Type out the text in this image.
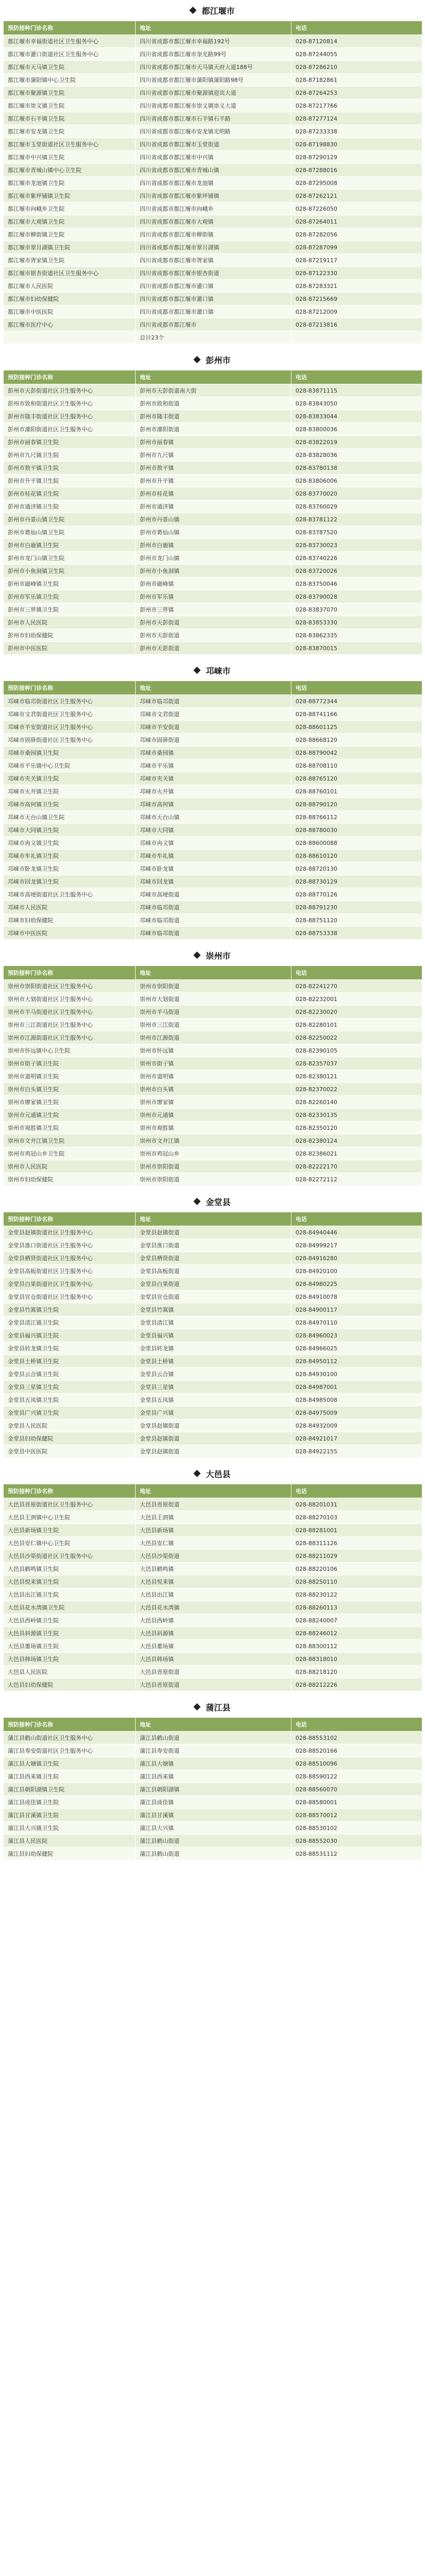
都江堰市
预防接种门诊名称	地址	电话
都江堰市幸福街道社区卫生服务中心	四川省成都市都江堰市幸福路192号	028-87120814
都江堰市灌口街道社区卫生服务中心	四川省成都市都江堰市奎光路99号	028-87244055
都江堰市天马镇卫生院	四川省成都市都江堰市天马镇天府大道188号	028-87286210
都江堰市蒲阳镇中心卫生院	四川省成都市都江堰市蒲阳镇蒲阳路98号	028-87182861
都江堰市聚源镇卫生院	四川省成都市都江堰市聚源镇迎宾大道	028-87264253
都江堰市崇义镇卫生院	四川省成都市都江堰市崇义镇崇义大道	028-87217766
都江堰市石羊镇卫生院	四川省成都市都江堰市石羊镇石羊路	028-87277124
都江堰市安龙镇卫生院	四川省成都市都江堰市安龙镇光明路	028-87233338
都江堰市玉堂街道社区卫生服务中心	四川省成都市都江堰市玉堂街道	028-87198830
都江堰市中兴镇卫生院	四川省成都市都江堰市中兴镇	028-87290129
都江堰市青城山镇中心卫生院	四川省成都市都江堰市青城山镇	028-87288016
都江堰市龙池镇卫生院	四川省成都市都江堰市龙池镇	028-87295008
都江堰市紫坪铺镇卫生院	四川省成都市都江堰市紫坪铺镇	028-87262121
都江堰市向峨乡卫生院	四川省成都市都江堰市向峨乡	028-87226050
都江堰市大观镇卫生院	四川省成都市都江堰市大观镇	028-87264011
都江堰市柳街镇卫生院	四川省成都市都江堰市柳街镇	028-87282056
都江堰市翠月湖镇卫生院	四川省成都市都江堰市翠月湖镇	028-87287099
都江堰市胥家镇卫生院	四川省成都市都江堰市胥家镇	028-87219117
都江堰市银杏街道社区卫生服务中心	四川省成都市都江堰市银杏街道	028-87122330
都江堰市人民医院	四川省成都市都江堰市灌口镇	028-87283321
都江堰市妇幼保健院	四川省成都市都江堰市灌口镇	028-87215669
都江堰市中医医院	四川省成都市都江堰市灌口镇	028-87212009
都江堰市医疗中心	四川省成都市都江堰市	028-87213816
	总计23个	
彭州市
预防接种门诊名称	地址	电话
彭州市天彭街道社区卫生服务中心	彭州市天彭街道南大街	028-83871115
彭州市致和街道社区卫生服务中心	彭州市致和街道	028-83843050
彭州市隆丰街道社区卫生服务中心	彭州市隆丰街道	028-83833044
彭州市濛阳街道社区卫生服务中心	彭州市濛阳街道	028-83800036
彭州市丽春镇卫生院	彭州市丽春镇	028-83822019
彭州市九尺镇卫生院	彭州市九尺镇	028-83828036
彭州市敖平镇卫生院	彭州市敖平镇	028-83780138
彭州市升平镇卫生院	彭州市升平镇	028-83806006
彭州市桂花镇卫生院	彭州市桂花镇	028-83770020
彭州市通济镇卫生院	彭州市通济镇	028-83760029
彭州市丹景山镇卫生院	彭州市丹景山镇	028-83781122
彭州市葛仙山镇卫生院	彭州市葛仙山镇	028-83787520
彭州市白鹿镇卫生院	彭州市白鹿镇	028-83730023
彭州市龙门山镇卫生院	彭州市龙门山镇	028-83740226
彭州市小鱼洞镇卫生院	彭州市小鱼洞镇	028-83720026
彭州市磁峰镇卫生院	彭州市磁峰镇	028-83750046
彭州市军乐镇卫生院	彭州市军乐镇	028-83790028
彭州市三界镇卫生院	彭州市三界镇	028-83837070
彭州市人民医院	彭州市天彭街道	028-83853330
彭州市妇幼保健院	彭州市天彭街道	028-83862335
彭州市中医医院	彭州市天彭街道	028-83870015
邛崃市
预防接种门诊名称	地址	电话
邛崃市临邛街道社区卫生服务中心	邛崃市临邛街道	028-88772344
邛崃市文君街道社区卫生服务中心	邛崃市文君街道	028-88741166
邛崃市羊安街道社区卫生服务中心	邛崃市羊安街道	028-88601125
邛崃市固驿街道社区卫生服务中心	邛崃市固驿街道	028-88668120
邛崃市桑园镇卫生院	邛崃市桑园镇	028-88790042
邛崃市平乐镇中心卫生院	邛崃市平乐镇	028-88708110
邛崃市夹关镇卫生院	邛崃市夹关镇	028-88765120
邛崃市火井镇卫生院	邛崃市火井镇	028-88760101
邛崃市高何镇卫生院	邛崃市高何镇	028-88790120
邛崃市天台山镇卫生院	邛崃市天台山镇	028-88766112
邛崃市大同镇卫生院	邛崃市大同镇	028-88780030
邛崃市冉义镇卫生院	邛崃市冉义镇	028-88600088
邛崃市牟礼镇卫生院	邛崃市牟礼镇	028-88610120
邛崃市卧龙镇卫生院	邛崃市卧龙镇	028-88720130
邛崃市回龙镇卫生院	邛崃市回龙镇	028-88730129
邛崃市高埂街道社区卫生服务中心	邛崃市高埂街道	028-88770126
邛崃市人民医院	邛崃市临邛街道	028-88791230
邛崃市妇幼保健院	邛崃市临邛街道	028-88751120
邛崃市中医医院	邛崃市临邛街道	028-88753338
崇州市
预防接种门诊名称	地址	电话
崇州市崇阳街道社区卫生服务中心	崇州市崇阳街道	028-82241270
崇州市大划街道社区卫生服务中心	崇州市大划街道	028-82232001
崇州市羊马街道社区卫生服务中心	崇州市羊马街道	028-82230020
崇州市三江街道社区卫生服务中心	崇州市三江街道	028-82280101
崇州市江源街道社区卫生服务中心	崇州市江源街道	028-82250022
崇州市怀远镇中心卫生院	崇州市怀远镇	028-82390105
崇州市街子镇卫生院	崇州市街子镇	028-82357037
崇州市道明镇卫生院	崇州市道明镇	028-82380121
崇州市白头镇卫生院	崇州市白头镇	028-82370022
崇州市廖家镇卫生院	崇州市廖家镇	028-82260140
崇州市元通镇卫生院	崇州市元通镇	028-82330135
崇州市观胜镇卫生院	崇州市观胜镇	028-82350120
崇州市文井江镇卫生院	崇州市文井江镇	028-82380124
崇州市鸡冠山乡卫生院	崇州市鸡冠山乡	028-82386021
崇州市人民医院	崇州市崇阳街道	028-82222170
崇州市妇幼保健院	崇州市崇阳街道	028-82272112
金堂县
预防接种门诊名称	地址	电话
金堂县赵镇街道社区卫生服务中心	金堂县赵镇街道	028-84940446
金堂县淮口街道社区卫生服务中心	金堂县淮口街道	028-84999217
金堂县栖贤街道社区卫生服务中心	金堂县栖贤街道	028-84916280
金堂县高板街道社区卫生服务中心	金堂县高板街道	028-84920100
金堂县白果街道社区卫生服务中心	金堂县白果街道	028-84980225
金堂县官仓街道社区卫生服务中心	金堂县官仓街道	028-84910078
金堂县竹篙镇卫生院	金堂县竹篙镇	028-84900117
金堂县清江镇卫生院	金堂县清江镇	028-84970110
金堂县福兴镇卫生院	金堂县福兴镇	028-84960023
金堂县转龙镇卫生院	金堂县转龙镇	028-84966025
金堂县土桥镇卫生院	金堂县土桥镇	028-84950112
金堂县云合镇卫生院	金堂县云合镇	028-84930100
金堂县三星镇卫生院	金堂县三星镇	028-84987001
金堂县五凤镇卫生院	金堂县五凤镇	028-84985008
金堂县广兴镇卫生院	金堂县广兴镇	028-84975009
金堂县人民医院	金堂县赵镇街道	028-84932009
金堂县妇幼保健院	金堂县赵镇街道	028-84921017
金堂县中医医院	金堂县赵镇街道	028-84922155
大邑县
预防接种门诊名称	地址	电话
大邑县晋原街道社区卫生服务中心	大邑县晋原街道	028-88201031
大邑县王泗镇中心卫生院	大邑县王泗镇	028-88270103
大邑县新场镇卫生院	大邑县新场镇	028-88281001
大邑县安仁镇中心卫生院	大邑县安仁镇	028-88311126
大邑县沙渠街道社区卫生服务中心	大邑县沙渠街道	028-88211029
大邑县鹤鸣镇卫生院	大邑县鹤鸣镇	028-88220106
大邑县悦来镇卫生院	大邑县悦来镇	028-88250110
大邑县出江镇卫生院	大邑县出江镇	028-88230122
大邑县花水湾镇卫生院	大邑县花水湾镇	028-88260113
大邑县西岭镇卫生院	大邑县西岭镇	028-88240007
大邑县斜源镇卫生院	大邑县斜源镇	028-88246012
大邑县董场镇卫生院	大邑县董场镇	028-88300112
大邑县韩场镇卫生院	大邑县韩场镇	028-88318010
大邑县人民医院	大邑县晋原街道	028-88218120
大邑县妇幼保健院	大邑县晋原街道	028-88212226
蒲江县
预防接种门诊名称	地址	电话
蒲江县鹤山街道社区卫生服务中心	蒲江县鹤山街道	028-88553102
蒲江县寿安街道社区卫生服务中心	蒲江县寿安街道	028-88520166
蒲江县大塘镇卫生院	蒲江县大塘镇	028-88510096
蒲江县西来镇卫生院	蒲江县西来镇	028-88590122
蒲江县朝阳湖镇卫生院	蒲江县朝阳湖镇	028-88560070
蒲江县成佳镇卫生院	蒲江县成佳镇	028-88580001
蒲江县甘溪镇卫生院	蒲江县甘溪镇	028-88570012
蒲江县大兴镇卫生院	蒲江县大兴镇	028-88530102
蒲江县人民医院	蒲江县鹤山街道	028-88552030
蒲江县妇幼保健院	蒲江县鹤山街道	028-88531112
